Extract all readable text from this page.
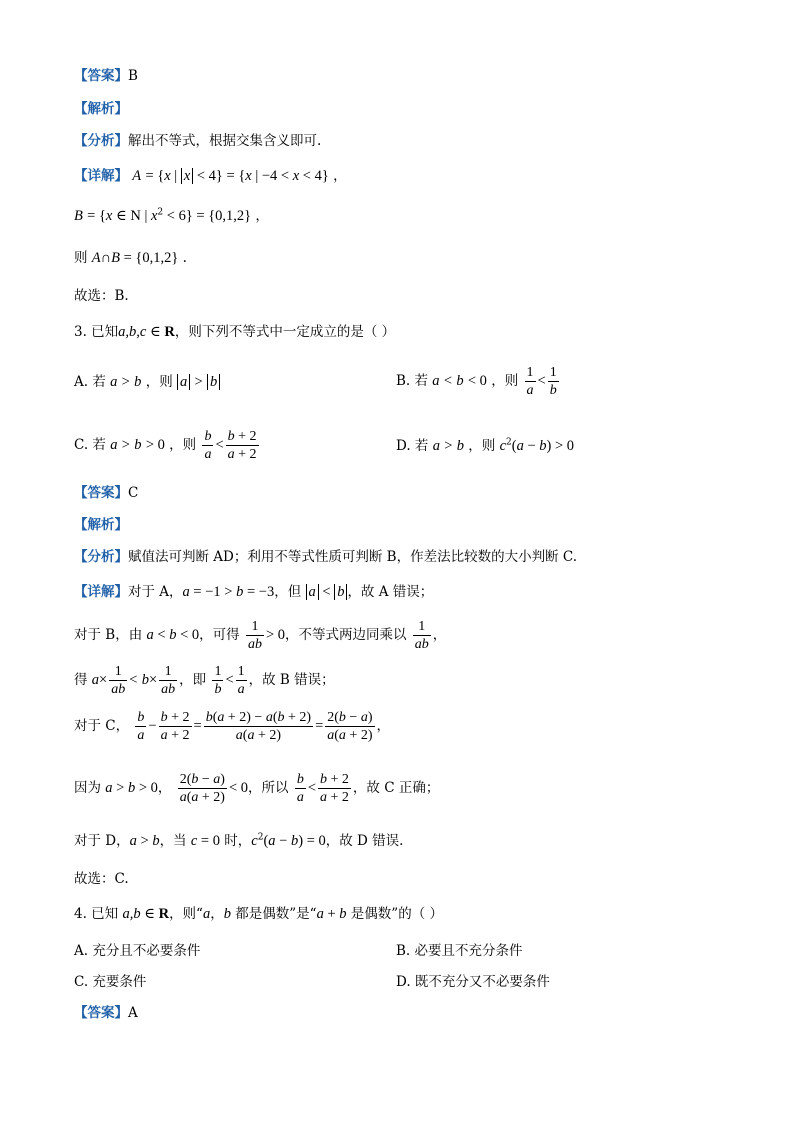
【答案】B
【解析】
【分析】解出不等式，根据交集含义即可.
【详解】 A = {x | x < 4} = {x | −4 < x < 4} ，
B = {x ∈ N | $x^2 < 6\} = \{0,1,2\}$ ，
则 A∩B = {0,1,2} .
故选：B.
3. 已知a,b,c ∈ R，则下列不等式中一定成立的是（ ）
A. 若 a > b ，则 a > b	B. 若 a < b < 0 ，则 $\frac{1}{a} < \frac{1}{b}$
C. 若 a > b > 0 ，则 $\frac{b}{a} < \frac{b + 2}{a + 2}$	D. 若 a > b ，则 $c^2(a - b) > 0$
【答案】C
【解析】
【分析】赋值法可判断 AD；利用不等式性质可判断 B，作差法比较数的大小判断 C.
【详解】对于 A，a = −1 > b = −3，但 a < b ，故 A 错误；
对于 B，由 a < b < 0，可得 $\frac{1}{ab} > 0$，不等式两边同乘以 $\frac{1}{ab}$ ，
得 $a\times \frac{1}{ab} < b\times \frac{1}{ab}$ ，即 $\frac{1}{b} < \frac{1}{a}$ ，故 B 错误；
对于 C， $\frac{b}{a} - \frac{b + 2}{a + 2} = \frac{b(a + 2) - a(b + 2)}{a(a + 2)} = \frac{2(b - a)}{a(a + 2)}$ ，
因为 a > b > 0， $\frac{2(b - a)}{a(a + 2)} < 0$，所以 $\frac{b}{a} < \frac{b + 2}{a + 2}$ ，故 C 正确；
对于 D，a > b，当 c = 0 时，$c^2(a - b) = 0$，故 D 错误.
故选：C.
4. 已知 a,b ∈ R，则“a，b 都是偶数”是“a + b 是偶数”的（ ）
A. 充分且不必要条件	B. 必要且不充分条件
C. 充要条件	D. 既不充分又不必要条件
【答案】A
